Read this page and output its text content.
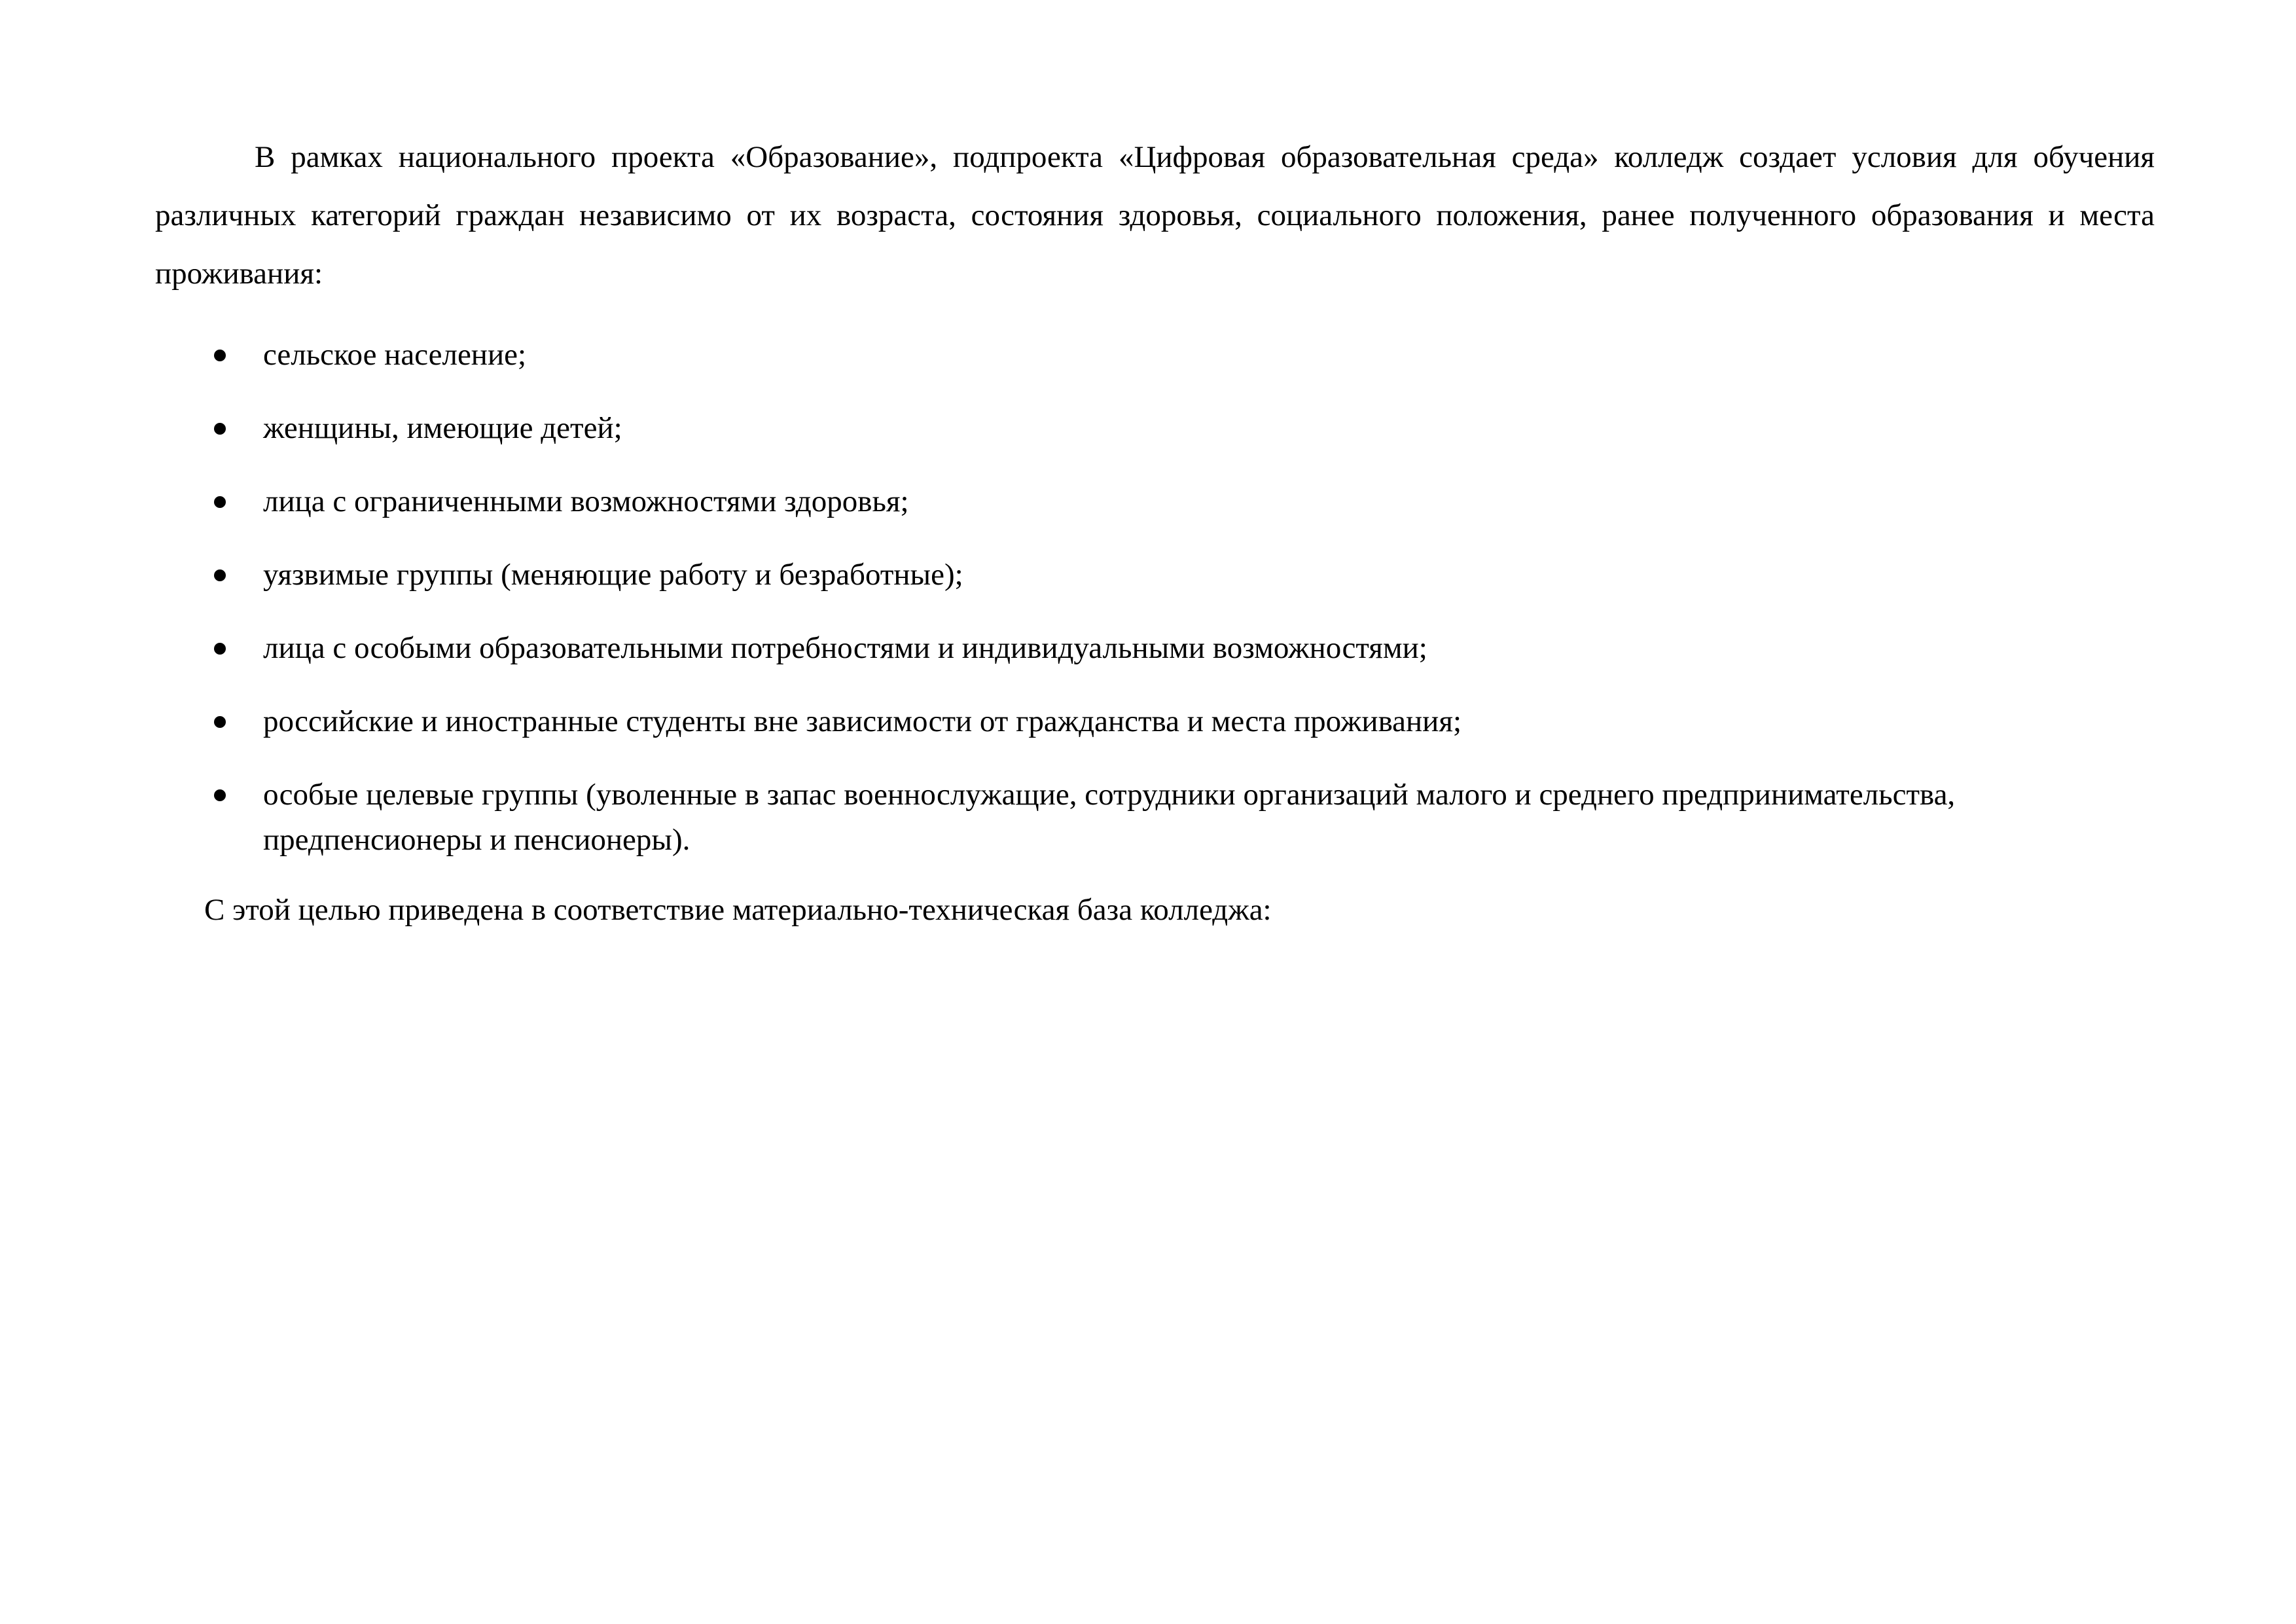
В рамках национального проекта «Образование», подпроекта «Цифровая образовательная среда» колледж создает условия для обучения различных категорий граждан независимо от их возраста, состояния здоровья, социального положения, ранее полученного образования и места проживания:

сельское население;
женщины, имеющие детей;
лица с ограниченными возможностями здоровья;
уязвимые группы (меняющие работу и безработные);
лица с особыми образовательными потребностями и индивидуальными возможностями;
российские и иностранные студенты вне зависимости от гражданства и места проживания;
особые целевые группы (уволенные в запас военнослужащие, сотрудники организаций малого и среднего предпринимательства, предпенсионеры и пенсионеры).

С этой целью приведена в соответствие материально-техническая база колледжа:
